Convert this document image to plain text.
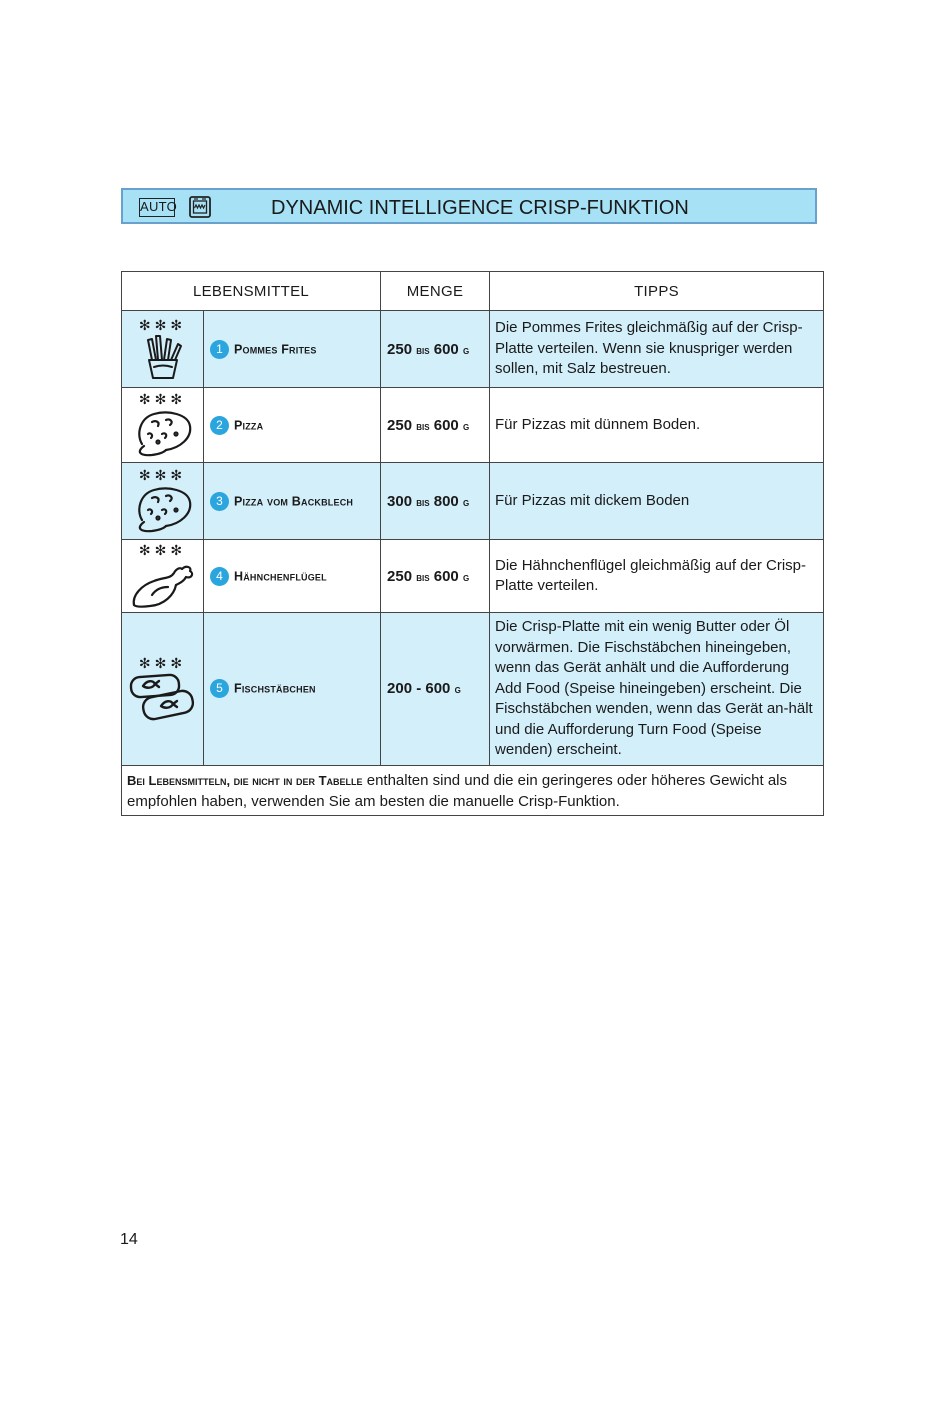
AUTO	DYNAMIC INTELLIGENCE CRISP-FUNKTION
LEBENSMITTEL		MENGE	TIPPS

✻✻✻	1 Pommes Frites	250 bis 600 g	Die Pommes Frites gleichmäßig auf der Crisp-Platte verteilen. Wenn sie knuspriger werden sollen, mit Salz bestreuen.

✻✻✻	2 Pizza	250 bis 600 g	Für Pizzas mit dünnem Boden.

✻✻✻	3 Pizza vom Backblech	300 bis 800 g	Für Pizzas mit dickem Boden

✻✻✻	4 Hähnchenflügel	250 bis 600 g	Die Hähnchenflügel gleichmäßig auf der Crisp-Platte verteilen.

✻✻✻	5 Fischstäbchen	200 - 600 g	Die Crisp-Platte mit ein wenig Butter oder Öl vorwärmen. Die Fischstäbchen hineingeben, wenn das Gerät anhält und die Aufforderung Add Food (Speise hineingeben) erscheint. Die Fischstäbchen wenden, wenn das Gerät an-hält und die Aufforderung Turn Food (Speise wenden) erscheint.
Bei Lebensmitteln, die nicht in der Tabelle enthalten sind und die ein geringeres oder höheres Gewicht als empfohlen haben, verwenden Sie am besten die manuelle Crisp-Funktion.			
14
